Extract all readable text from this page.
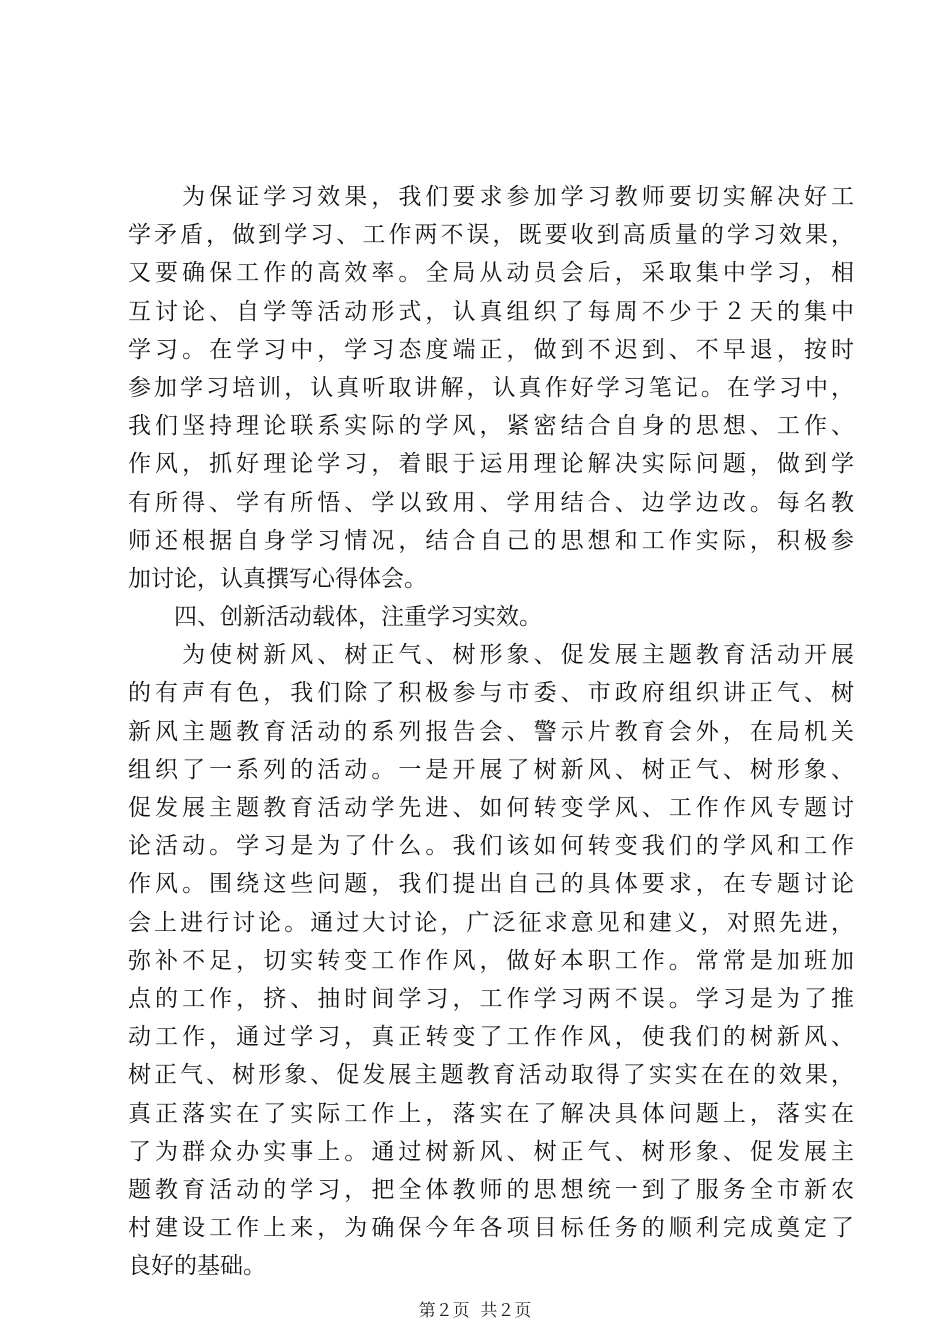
　　为保证学习效果，我们要求参加学习教师要切实解决好工
学矛盾，做到学习、工作两不误，既要收到高质量的学习效果，
又要确保工作的高效率。全局从动员会后，采取集中学习，相
互讨论、自学等活动形式，认真组织了每周不少于２天的集中
学习。在学习中，学习态度端正，做到不迟到、不早退，按时
参加学习培训，认真听取讲解，认真作好学习笔记。在学习中，
我们坚持理论联系实际的学风，紧密结合自身的思想、工作、
作风，抓好理论学习，着眼于运用理论解决实际问题，做到学
有所得、学有所悟、学以致用、学用结合、边学边改。每名教
师还根据自身学习情况，结合自己的思想和工作实际，积极参
加讨论，认真撰写心得体会。
　　四、创新活动载体，注重学习实效。
　　为使树新风、树正气、树形象、促发展主题教育活动开展
的有声有色，我们除了积极参与市委、市政府组织讲正气、树
新风主题教育活动的系列报告会、警示片教育会外，在局机关
组织了一系列的活动。一是开展了树新风、树正气、树形象、
促发展主题教育活动学先进、如何转变学风、工作作风专题讨
论活动。学习是为了什么。我们该如何转变我们的学风和工作
作风。围绕这些问题，我们提出自己的具体要求，在专题讨论
会上进行讨论。通过大讨论，广泛征求意见和建义，对照先进，
弥补不足，切实转变工作作风，做好本职工作。常常是加班加
点的工作，挤、抽时间学习，工作学习两不误。学习是为了推
动工作，通过学习，真正转变了工作作风，使我们的树新风、
树正气、树形象、促发展主题教育活动取得了实实在在的效果，
真正落实在了实际工作上，落实在了解决具体问题上，落实在
了为群众办实事上。通过树新风、树正气、树形象、促发展主
题教育活动的学习，把全体教师的思想统一到了服务全市新农
村建设工作上来，为确保今年各项目标任务的顺利完成奠定了
良好的基础。
第２页 共２页
